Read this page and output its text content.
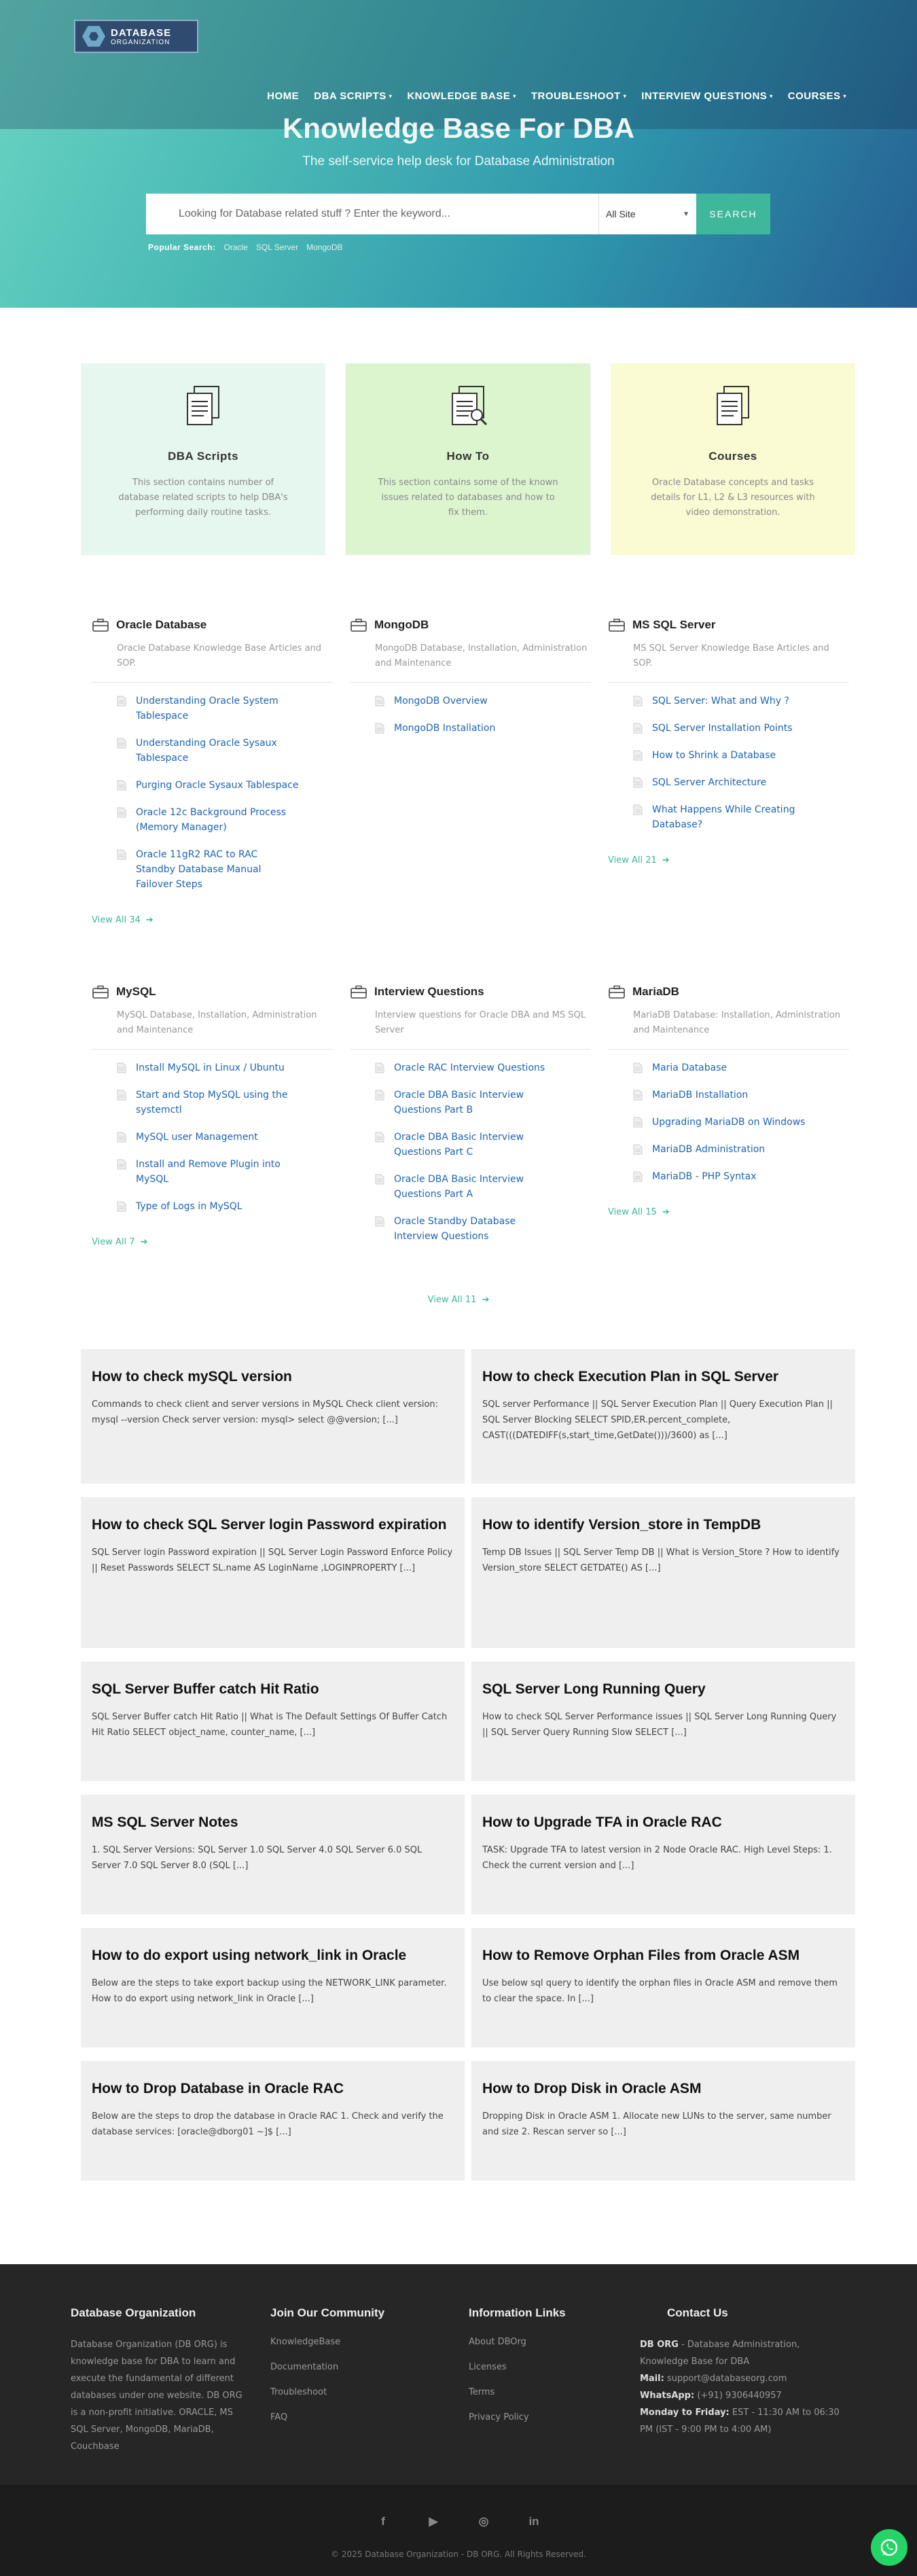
DATABASE
ORGANIZATION
HOME DBA SCRIPTS ▾ KNOWLEDGE BASE ▾ TROUBLESHOOT ▾ INTERVIEW QUESTIONS ▾ COURSES ▾
Knowledge Base For DBA
The self-service help desk for Database Administration
Looking for Database related stuff ? Enter the keyword...
All Site	▼	SEARCH
Popular Search: Oracle SQL Server MongoDB
DBA Scripts

This section contains number of database related scripts to help DBA's performing daily routine tasks.

How To

This section contains some of the known issues related to databases and how to fix them.

Courses

Oracle Database concepts and tasks details for L1, L2 & L3 resources with video demonstration.

Oracle Database
Oracle Database Knowledge Base Articles and SOP.
Understanding Oracle System Tablespace
Understanding Oracle Sysaux Tablespace
Purging Oracle Sysaux Tablespace
Oracle 12c Background Process (Memory Manager)
Oracle 11gR2 RAC to RAC Standby Database Manual Failover Steps
View All 34 ➔
MongoDB
MongoDB Database, Installation, Administration and Maintenance
MongoDB Overview
MongoDB Installation
MS SQL Server
MS SQL Server Knowledge Base Articles and SOP.
SQL Server: What and Why ?
SQL Server Installation Points
How to Shrink a Database
SQL Server Architecture
What Happens While Creating Database?
View All 21 ➔
MySQL
MySQL Database, Installation, Administration and Maintenance
Install MySQL in Linux / Ubuntu
Start and Stop MySQL using the systemctl
MySQL user Management
Install and Remove Plugin into MySQL
Type of Logs in MySQL
View All 7 ➔
Interview Questions
Interview questions for Oracle DBA and MS SQL Server
Oracle RAC Interview Questions
Oracle DBA Basic Interview Questions Part B
Oracle DBA Basic Interview Questions Part C
Oracle DBA Basic Interview Questions Part A
Oracle Standby Database Interview Questions
MariaDB
MariaDB Database: Installation, Administration and Maintenance
Maria Database
MariaDB Installation
Upgrading MariaDB on Windows
MariaDB Administration
MariaDB - PHP Syntax
View All 15 ➔
View All 11 ➔
How to check mySQL version

Commands to check client and server versions in MySQL Check client version: mysql --version Check server version: mysql> select @@version; [...]

How to check Execution Plan in SQL Server

SQL server Performance || SQL Server Execution Plan || Query Execution Plan || SQL Server Blocking SELECT SPID,ER.percent_complete, CAST(((DATEDIFF(s,start_time,GetDate()))/3600) as [...]

How to check SQL Server login Password expiration

SQL Server login Password expiration || SQL Server Login Password Enforce Policy || Reset Passwords SELECT SL.name AS LoginName ,LOGINPROPERTY [...]

How to identify Version_store in TempDB

Temp DB Issues || SQL Server Temp DB || What is Version_Store ? How to identify Version_store SELECT GETDATE() AS [...]

SQL Server Buffer catch Hit Ratio

SQL Server Buffer catch Hit Ratio || What is The Default Settings Of Buffer Catch Hit Ratio SELECT object_name, counter_name, [...]

SQL Server Long Running Query

How to check SQL Server Performance issues || SQL Server Long Running Query || SQL Server Query Running Slow SELECT [...]

MS SQL Server Notes

1. SQL Server Versions: SQL Server 1.0 SQL Server 4.0 SQL Server 6.0 SQL Server 7.0 SQL Server 8.0 (SQL [...]

How to Upgrade TFA in Oracle RAC

TASK: Upgrade TFA to latest version in 2 Node Oracle RAC. High Level Steps: 1. Check the current version and [...]

How to do export using network_link in Oracle

Below are the steps to take export backup using the NETWORK_LINK parameter. How to do export using network_link in Oracle [...]

How to Remove Orphan Files from Oracle ASM

Use below sql query to identify the orphan files in Oracle ASM and remove them to clear the space. In [...]

How to Drop Database in Oracle RAC

Below are the steps to drop the database in Oracle RAC 1. Check and verify the database services: [oracle@dborg01 ~]$ [...]

How to Drop Disk in Oracle ASM

Dropping Disk in Oracle ASM 1. Allocate new LUNs to the server, same number and size 2. Rescan server so [...]

Database Organization

Database Organization (DB ORG) is knowledge base for DBA to learn and execute the fundamental of different databases under one website. DB ORG is a non-profit initiative. ORACLE, MS SQL Server, MongoDB, MariaDB, Couchbase

Join Our Community
KnowledgeBase
Documentation
Troubleshoot
FAQ
Information Links
About DBOrg
Licenses
Terms
Privacy Policy
Contact Us
DB ORG - Database Administration, Knowledge Base for DBA
Mail: support@databaseorg.com
WhatsApp: (+91) 9306440957
Monday to Friday: EST - 11:30 AM to 06:30 PM (IST - 9:00 PM to 4:00 AM)
f	▶	◎	in
© 2025 Database Organization - DB ORG. All Rights Reserved.
